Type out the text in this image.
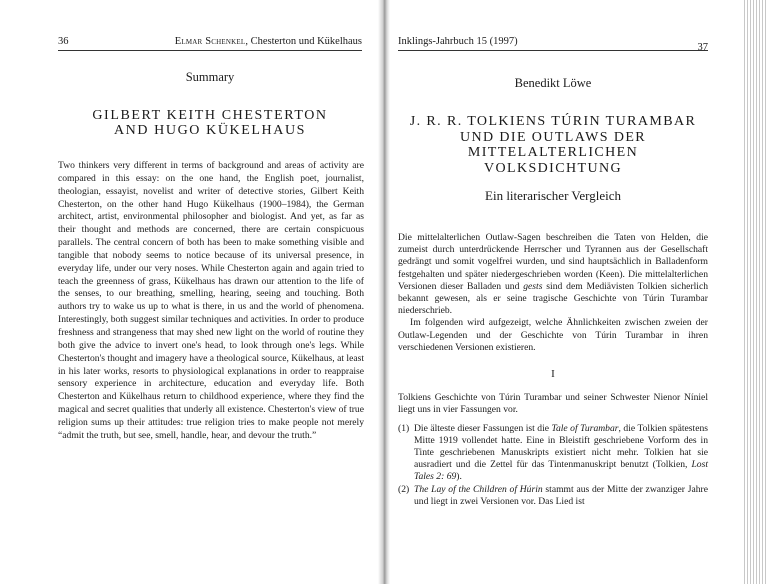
36	Elmar Schenkel, Chesterton und Kükelhaus
Summary
GILBERT KEITH CHESTERTON
AND HUGO KÜKELHAUS

Two thinkers very different in terms of background and areas of activity are compared in this essay: on the one hand, the English poet, journalist, theologian, essayist, novelist and writer of detective stories, Gilbert Keith Chesterton, on the other hand Hugo Kükelhaus (1900–1984), the German architect, artist, environmental philosopher and biologist. And yet, as far as their thought and methods are concerned, there are certain conspicuous parallels. The central concern of both has been to make something visible and tangible that nobody seems to notice because of its universal presence, in everyday life, under our very noses. While Chesterton again and again tried to teach the greenness of grass, Kükelhaus has drawn our attention to the life of the senses, to our breathing, smelling, hearing, seeing and touching. Both authors try to wake us up to what is there, in us and the world of phenomena. Interestingly, both suggest similar techniques and activities. In order to produce freshness and strangeness that may shed new light on the world of routine they both give the advice to invert one's head, to look through one's legs. While Chesterton's thought and imagery have a theological source, Kükelhaus, at least in his later works, resorts to physiological explanations in order to reappraise sensory experience in architecture, education and everyday life. Both Chesterton and Kükelhaus return to childhood experience, where they find the magical and secret qualities that underly all existence. Chesterton's view of true religion sums up their attitudes: true religion tries to make people not merely “admit the truth, but see, smell, handle, hear, and devour the truth.”

Inklings-Jahrbuch 15 (1997)
37
Benedikt Löwe
J. R. R. TOLKIENS TÚRIN TURAMBAR
UND DIE OUTLAWS DER
MITTELALTERLICHEN
VOLKSDICHTUNG
Ein literarischer Vergleich

Die mittelalterlichen Outlaw-Sagen beschreiben die Taten von Helden, die zumeist durch unterdrückende Herrscher und Tyrannen aus der Gesellschaft gedrängt und somit vogelfrei wurden, und sind hauptsächlich in Balladenform festgehalten und später niedergeschrieben worden (Keen). Die mittelalterlichen Versionen dieser Balladen und gests sind dem Mediävisten Tolkien sicherlich bekannt gewesen, als er seine tragische Geschichte von Túrin Turambar niederschrieb.

Im folgenden wird aufgezeigt, welche Ähnlichkeiten zwischen zweien der Outlaw-Legenden und der Geschichte von Túrin Turambar in ihren verschiedenen Versionen existieren.

I

Tolkiens Geschichte von Túrin Turambar und seiner Schwester Nienor Níniel liegt uns in vier Fassungen vor.

(1) Die älteste dieser Fassungen ist die Tale of Turambar, die Tolkien spätestens Mitte 1919 vollendet hatte. Eine in Bleistift geschriebene Vorform des in Tinte geschriebenen Manuskripts existiert nicht mehr. Tolkien hat sie ausradiert und die Zettel für das Tintenmanuskript benutzt (Tolkien, Lost Tales 2: 69).

(2) The Lay of the Children of Húrin stammt aus der Mitte der zwanziger Jahre und liegt in zwei Versionen vor. Das Lied ist
